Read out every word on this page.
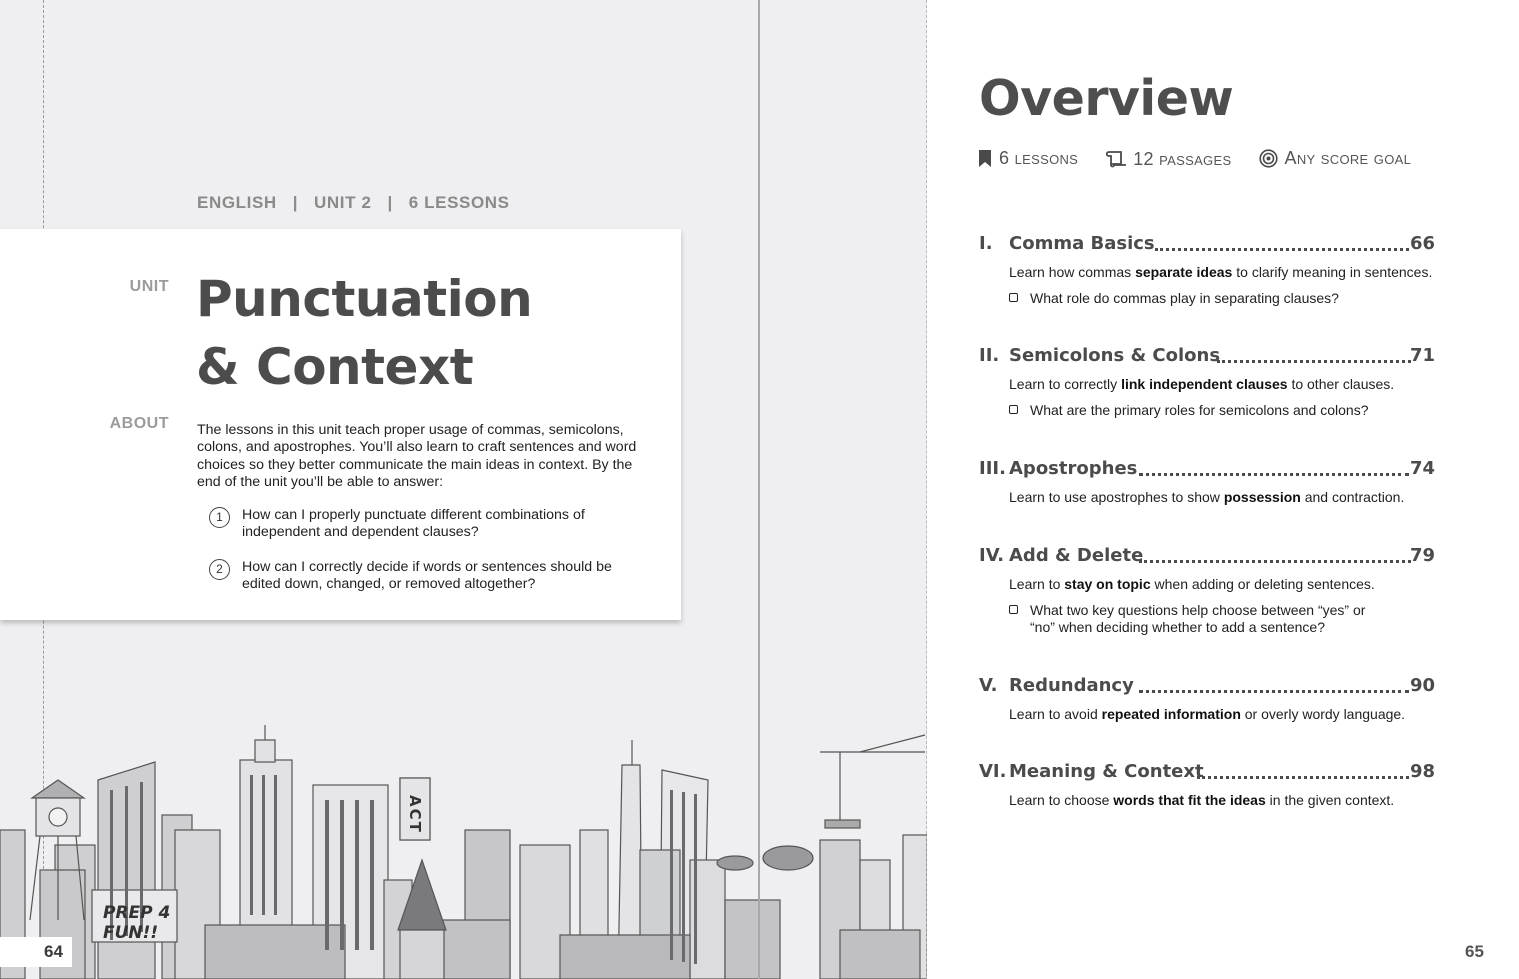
ACT
PREP 4
FUN!!
ENGLISH   |   UNIT 2   |   6 LESSONS
UNIT Punctuation
& Context
ABOUT The lessons in this unit teach proper usage of commas, semicolons, colons, and apostrophes. You’ll also learn to craft sentences and word choices so they better communicate the main ideas in context. By the end of the unit you’ll be able to answer:
1	How can I properly punctuate different combinations of independent and dependent clauses?
2	How can I correctly decide if words or sentences should be edited down, changed, or removed altogether?
64
Overview
6
lessons
	12
passages
	Any score goal
I. Comma Basics	66
Learn how commas separate ideas to clarify meaning in sentences.
What role do commas play in separating clauses?
II. Semicolons & Colons	71
Learn to correctly link independent clauses to other clauses.
What are the primary roles for semicolons and colons?
III. Apostrophes	74
Learn to use apostrophes to show possession and contraction.
IV. Add & Delete	79
Learn to stay on topic when adding or deleting sentences.
What two key questions help choose between “yes” or “no” when deciding whether to add a sentence?
V. Redundancy	90
Learn to avoid repeated information or overly wordy language.
VI. Meaning & Context	98
Learn to choose words that fit the ideas in the given context.
65
